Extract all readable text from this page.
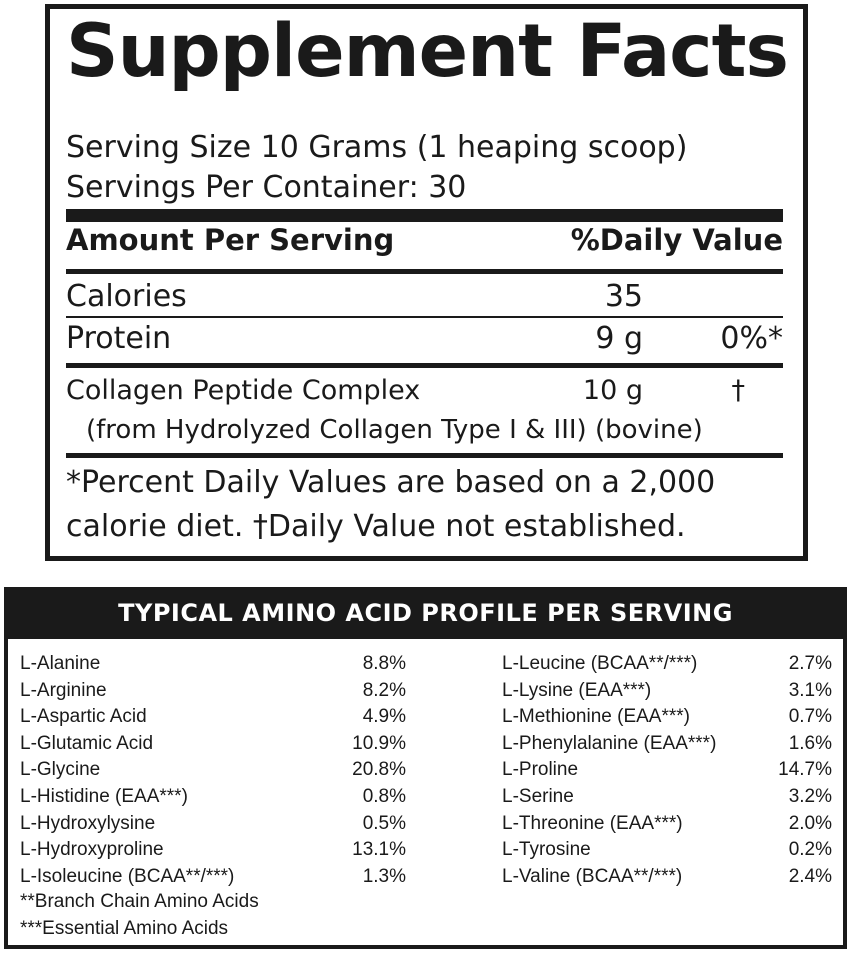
Supplement Facts
Serving Size 10 Grams (1 heaping scoop)
Servings Per Container: 30
Amount Per Serving	%Daily Value
Calories	35
Protein	9 g	0%*
Collagen Peptide Complex	10 g	†
(from Hydrolyzed Collagen Type I & III) (bovine)
*Percent Daily Values are based on a 2,000
calorie diet. †Daily Value not established.
TYPICAL AMINO ACID PROFILE PER SERVING
L-Alanine	8.8%
L-Arginine	8.2%
L-Aspartic Acid	4.9%
L-Glutamic Acid	10.9%
L-Glycine	20.8%
L-Histidine (EAA***)	0.8%
L-Hydroxylysine	0.5%
L-Hydroxyproline	13.1%
L-Isoleucine (BCAA**/***)	1.3%
L-Leucine (BCAA**/***)	2.7%
L-Lysine (EAA***)	3.1%
L-Methionine (EAA***)	0.7%
L-Phenylalanine (EAA***)	1.6%
L-Proline	14.7%
L-Serine	3.2%
L-Threonine (EAA***)	2.0%
L-Tyrosine	0.2%
L-Valine (BCAA**/***)	2.4%
**Branch Chain Amino Acids
***Essential Amino Acids
